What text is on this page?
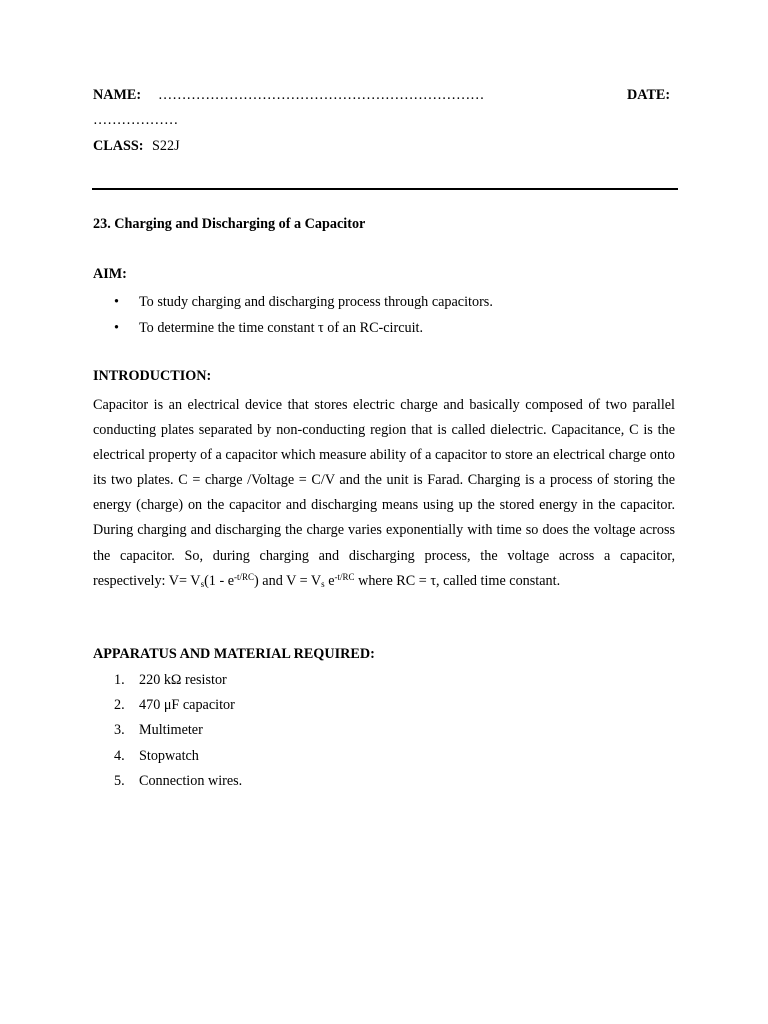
NAME: ……………………………………………………………	DATE:
………………
CLASS: S22J
23. Charging and Discharging of a Capacitor
AIM:
• To study charging and discharging process through capacitors.
• To determine the time constant τ of an RC-circuit.
INTRODUCTION:

Capacitor is an electrical device that stores electric charge and basically composed of two parallel conducting plates separated by non-conducting region that is called dielectric. Capacitance, C is the electrical property of a capacitor which measure ability of a capacitor to store an electrical charge onto its two plates. C = charge /Voltage = C/V and the unit is Farad. Charging is a process of storing the energy (charge) on the capacitor and discharging means using up the stored energy in the capacitor. During charging and discharging the charge varies exponentially with time so does the voltage across the capacitor. So, during charging and discharging process, the voltage across a capacitor, respectively: $V= V_s(1 - e^{-t/RC})$ and $V = V_s$ $e^{-t/RC}$ where RC = τ, called time constant.

APPARATUS AND MATERIAL REQUIRED:
1. 220 kΩ resistor
2. 470 μF capacitor
3. Multimeter
4. Stopwatch
5. Connection wires.
